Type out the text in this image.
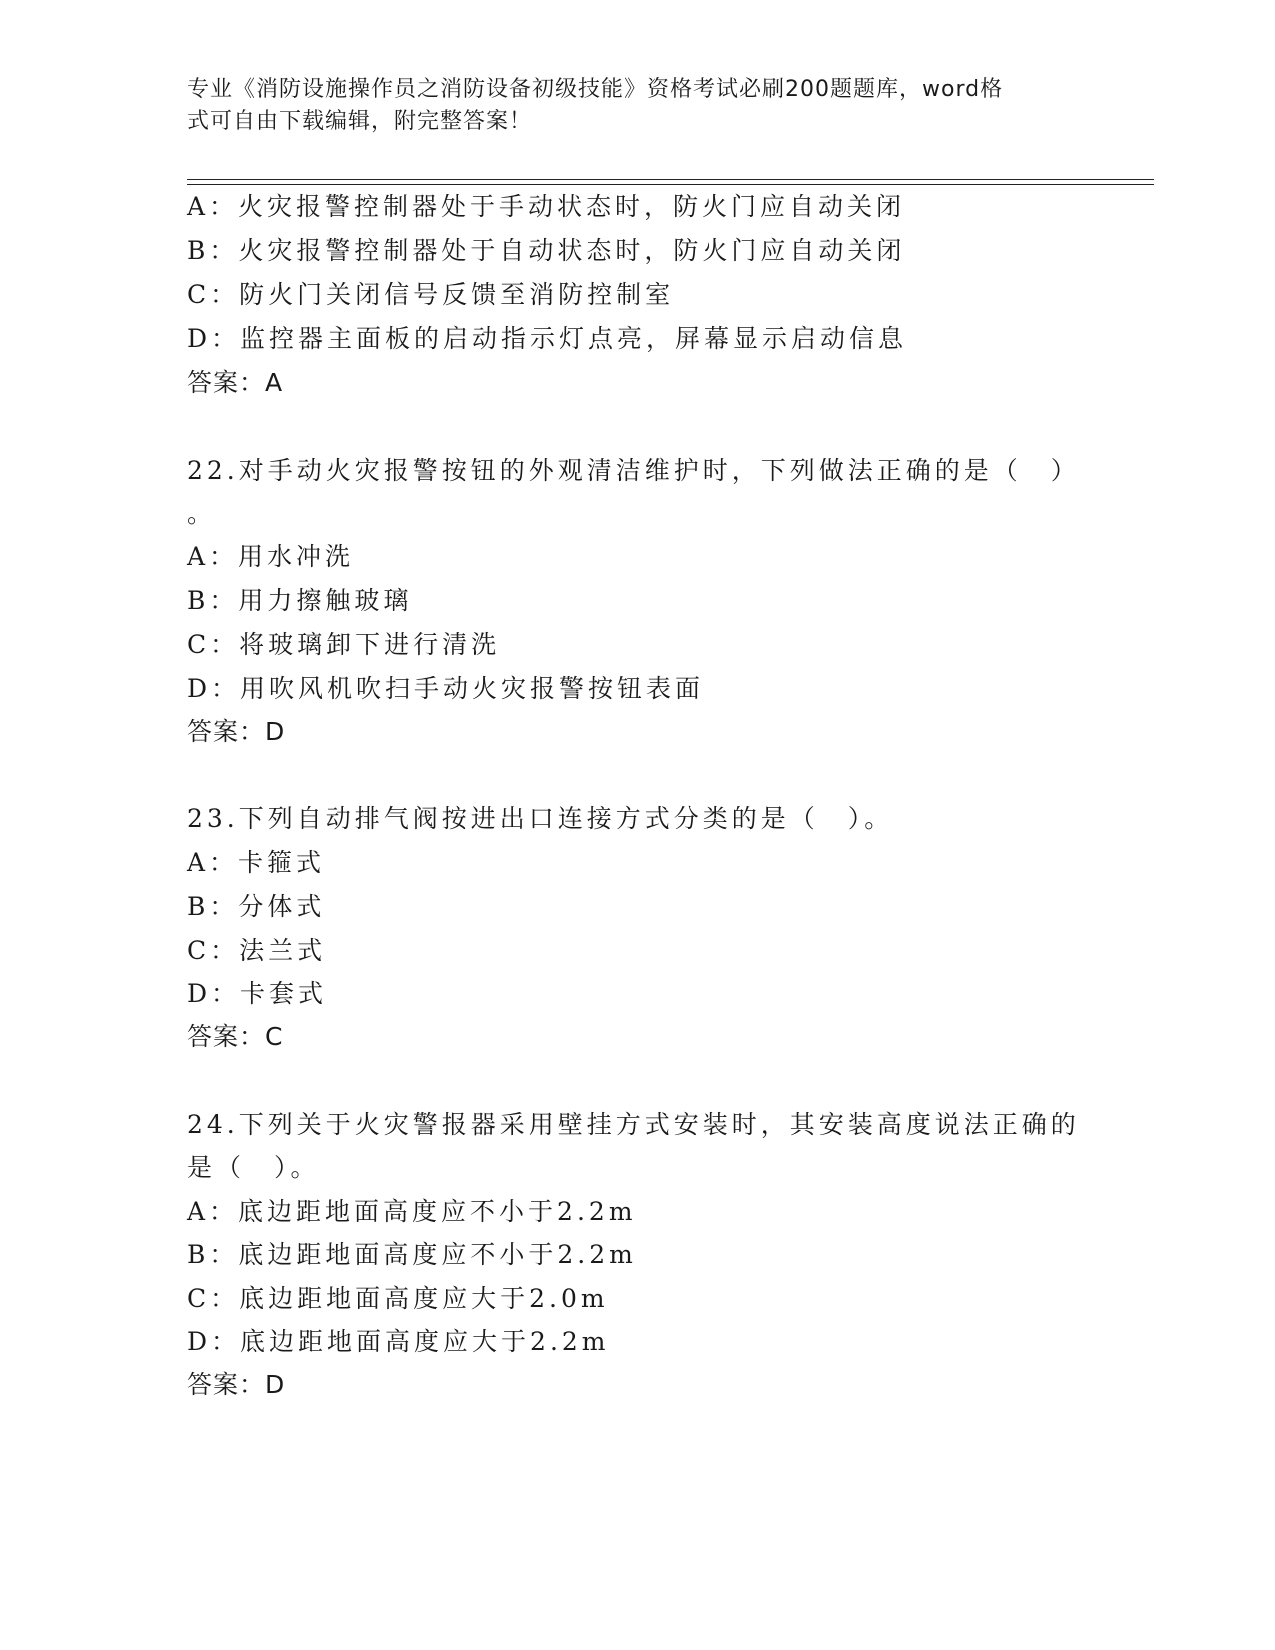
专业《消防设施操作员之消防设备初级技能》资格考试必刷200题题库，word格
式可自由下载编辑，附完整答案！
A：火灾报警控制器处于手动状态时，防火门应自动关闭
B：火灾报警控制器处于自动状态时，防火门应自动关闭
C：防火门关闭信号反馈至消防控制室
D：监控器主面板的启动指示灯点亮，屏幕显示启动信息
答案：A
22.对手动火灾报警按钮的外观清洁维护时，下列做法正确的是（　）
。
A：用水冲洗
B：用力擦触玻璃
C：将玻璃卸下进行清洗
D：用吹风机吹扫手动火灾报警按钮表面
答案：D
23.下列自动排气阀按进出口连接方式分类的是（　）。
A：卡箍式
B：分体式
C：法兰式
D：卡套式
答案：C
24.下列关于火灾警报器采用壁挂方式安装时，其安装高度说法正确的
是（　）。
A：底边距地面高度应不小于2.2m
B：底边距地面高度应不小于2.2m
C：底边距地面高度应大于2.0m
D：底边距地面高度应大于2.2m
答案：D
